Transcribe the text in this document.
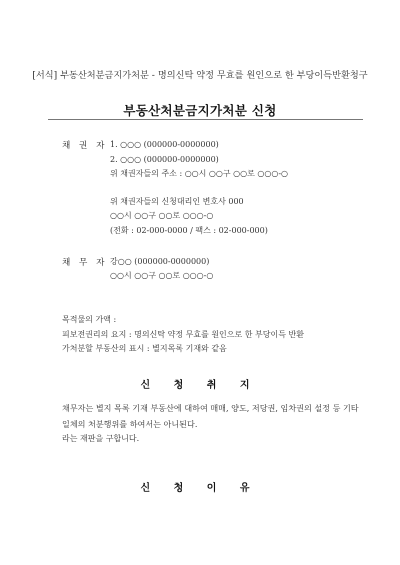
[서식] 부동산처분금지가처분 - 명의신탁 약정 무효를 원인으로 한 부당이득반환청구
부동산처분금지가처분 신청
채 권 자 1. ○○○ (000000-0000000)
2. ○○○ (000000-0000000)
위 채권자들의 주소 : ○○시 ○○구 ○○로 ○○○-○
위 채권자들의 신청대리인 변호사 000
○○시 ○○구 ○○로 ○○○-○
(전화 : 02-000-0000 / 팩스 : 02-000-000)
채 무 자 강○○ (000000-0000000)
○○시 ○○구 ○○로 ○○○-○
목적물의 가액 :
피보전권리의 요지 : 명의신탁 약정 무효를 원인으로 한 부당이득 반환
가처분할 부동산의 표시 : 별지목록 기재와 같음
신 청 취 지
채무자는 별지 목록 기재 부동산에 대하여 매매, 양도, 저당권, 임차권의 설정 등 기타 일체의 처분행위를 하여서는 아니된다.
라는 재판을 구합니다.
신 청 이 유
